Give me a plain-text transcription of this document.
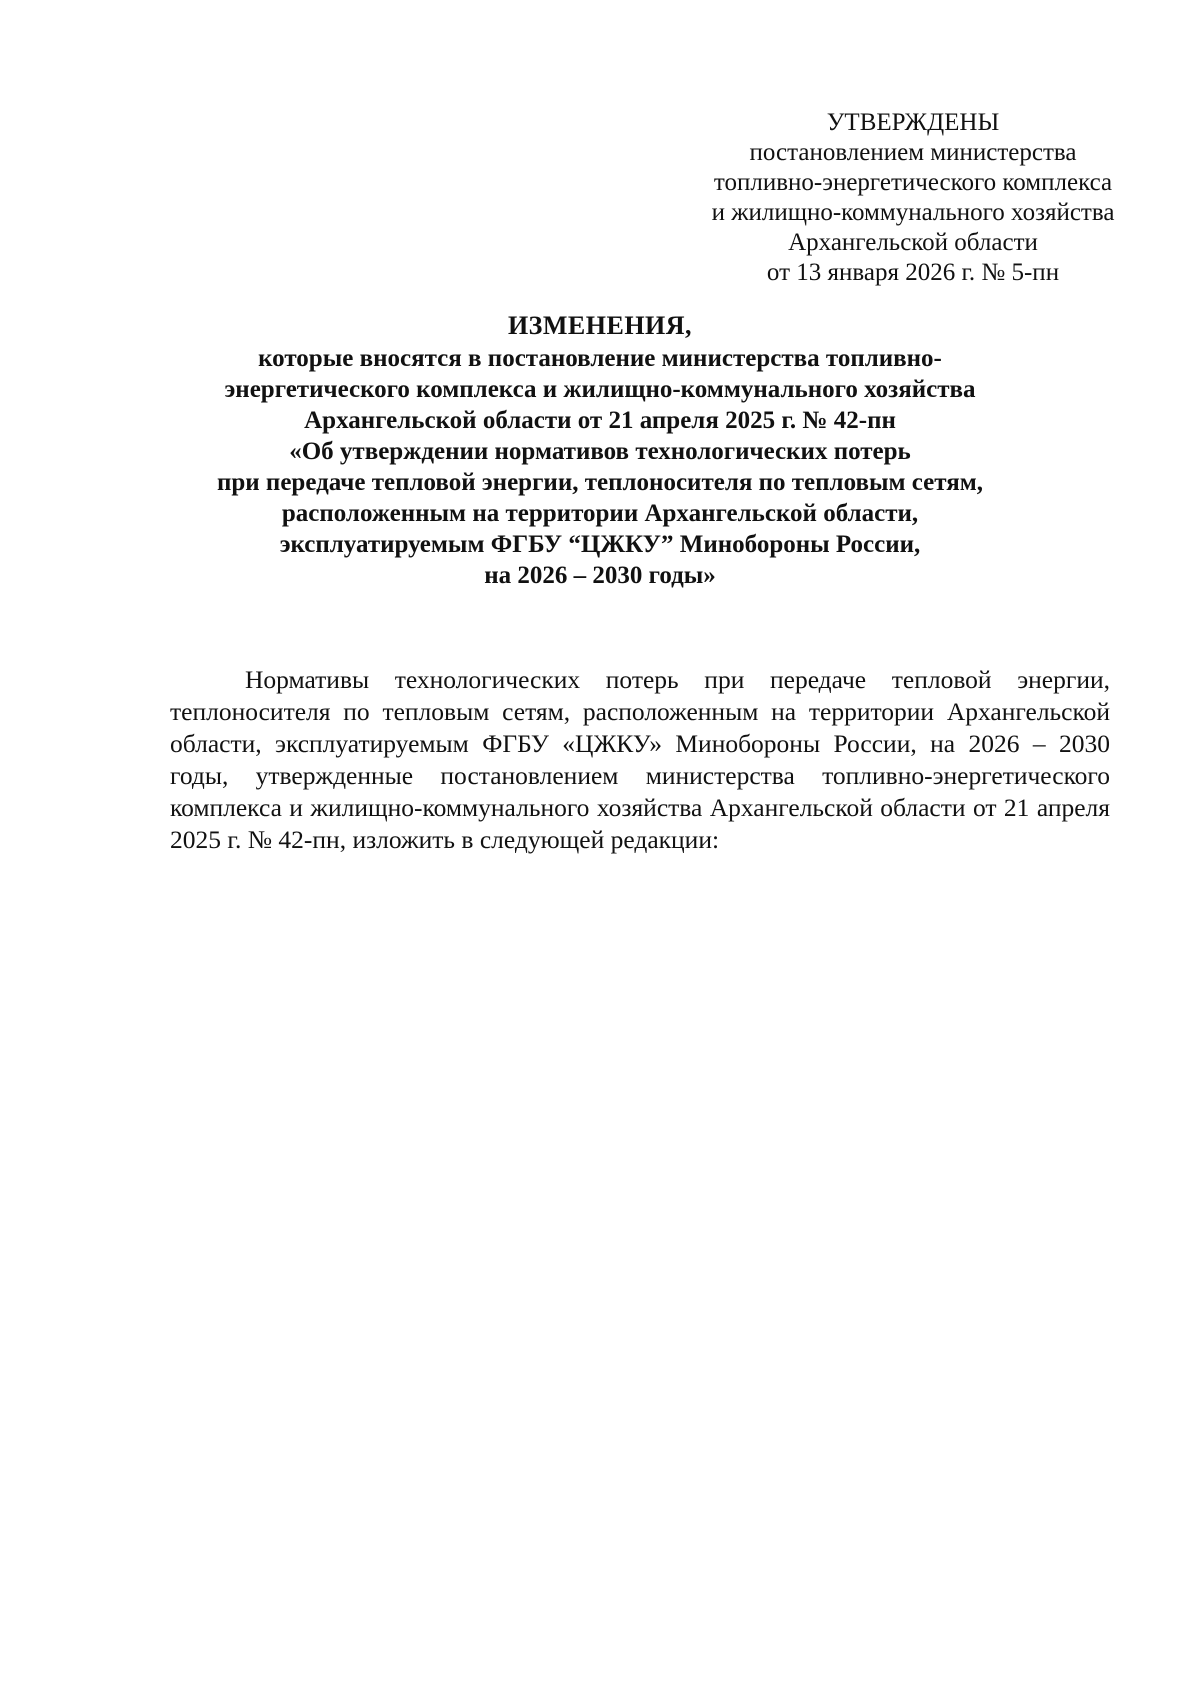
УТВЕРЖДЕНЫ
постановлением министерства
топливно-энергетического комплекса
и жилищно-коммунального хозяйства
Архангельской области
от 13 января 2026 г. № 5-пн
ИЗМЕНЕНИЯ,
которые вносятся в постановление министерства топливно-
энергетического комплекса и жилищно-коммунального хозяйства
Архангельской области от 21 апреля 2025 г. № 42-пн
«Об утверждении нормативов технологических потерь
при передаче тепловой энергии, теплоносителя по тепловым сетям,
расположенным на территории Архангельской области,
эксплуатируемым ФГБУ “ЦЖКУ” Минобороны России,
на 2026 – 2030 годы»

Нормативы технологических потерь при передаче тепловой энергии, теплоносителя по тепловым сетям, расположенным на территории Архангельской области, эксплуатируемым ФГБУ «ЦЖКУ» Минобороны России, на 2026 – 2030 годы, утвержденные постановлением министерства топливно-энергетического комплекса и жилищно-коммунального хозяйства Архангельской области от 21 апреля 2025 г. № 42-пн, изложить в следующей редакции:
